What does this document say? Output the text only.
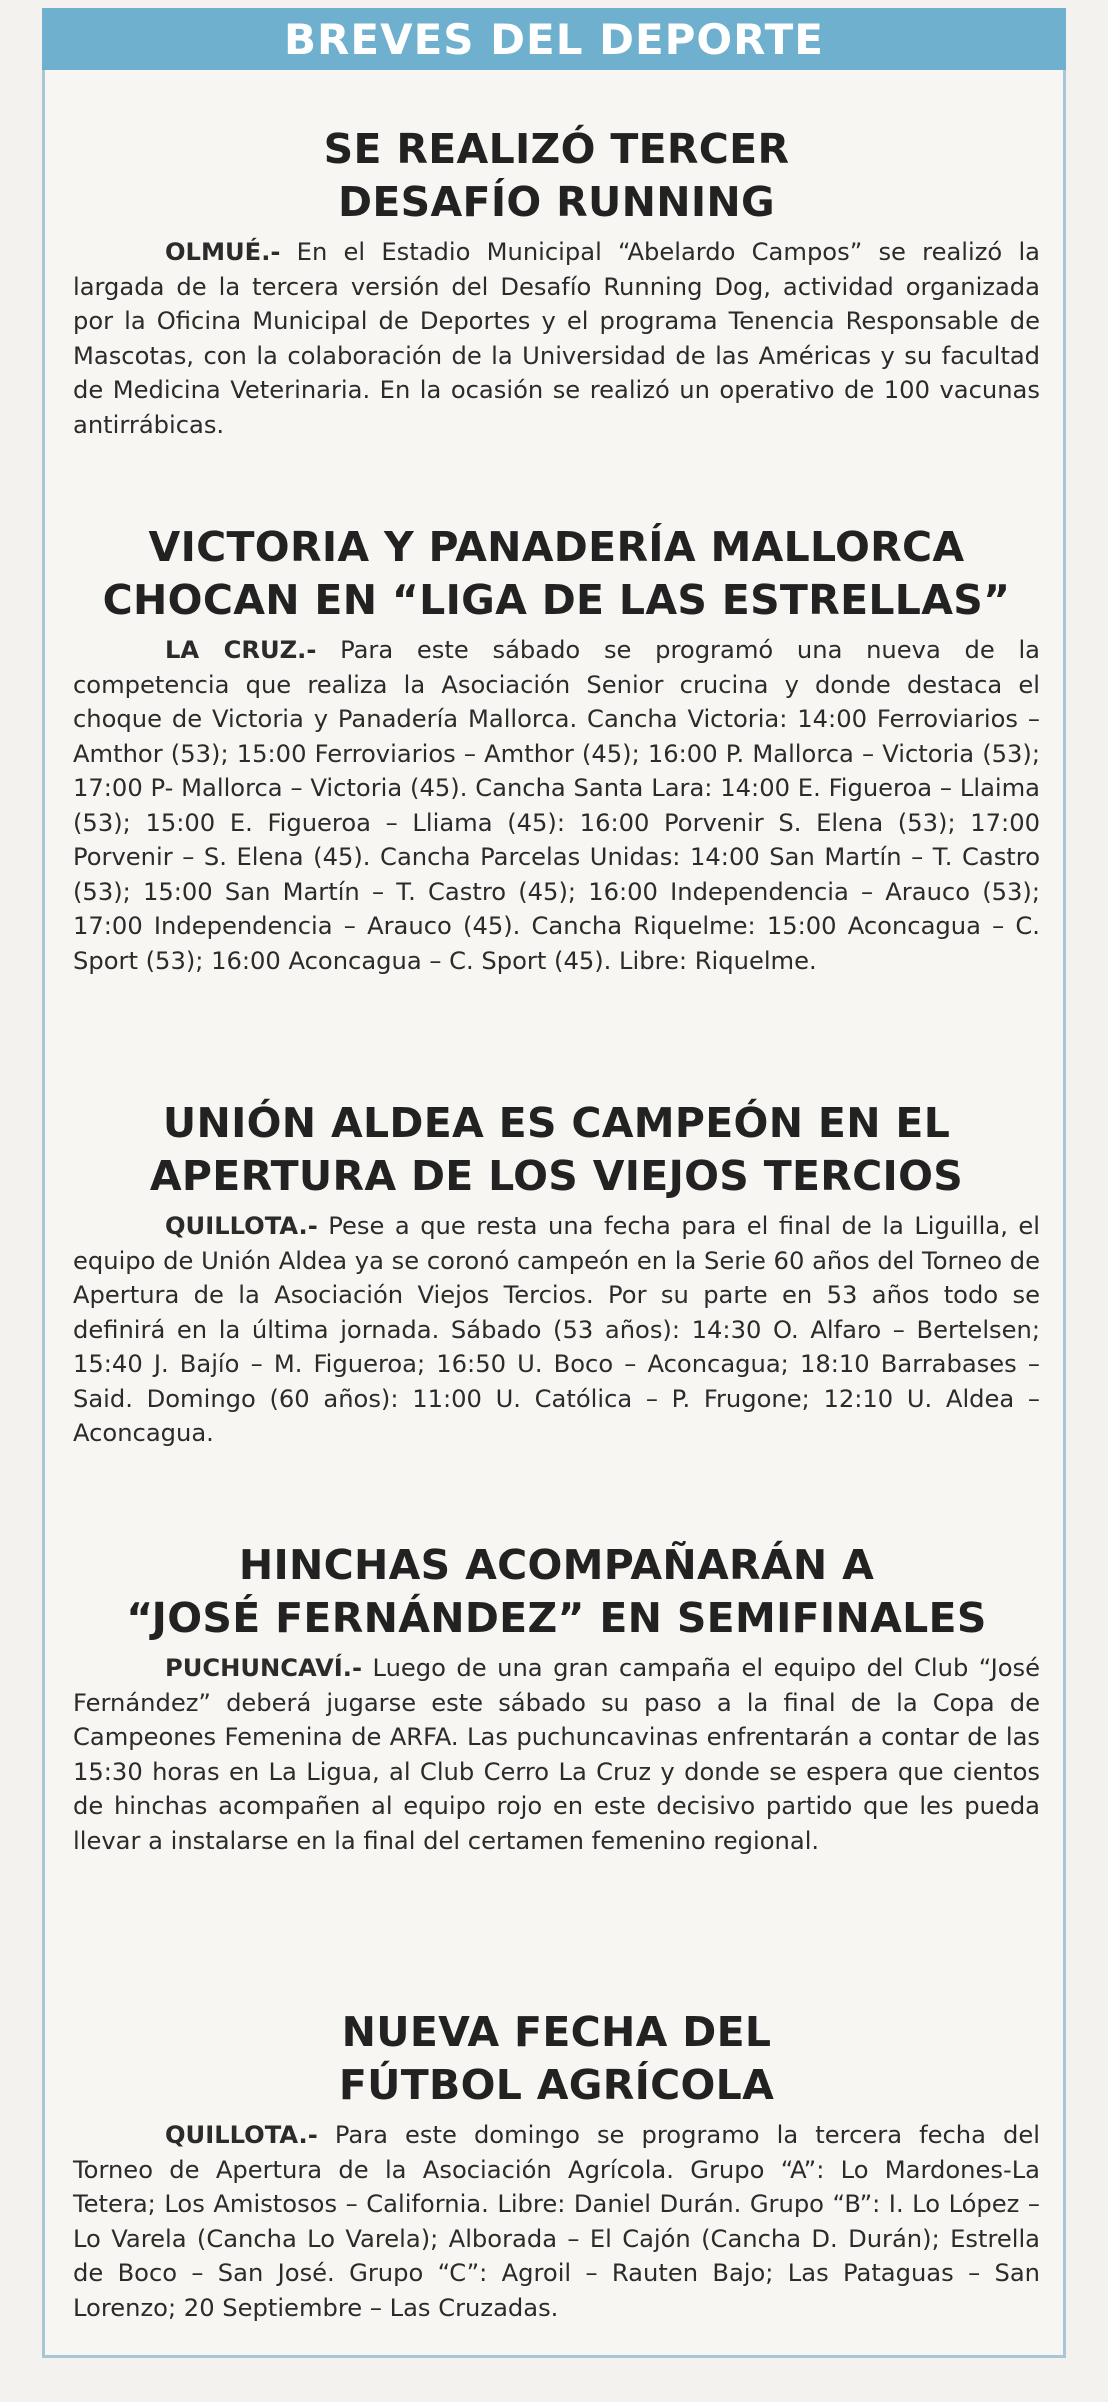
BREVES DEL DEPORTE
SE REALIZÓ TERCER
DESAFÍO RUNNING

OLMUÉ.- En el Estadio Municipal “Abelardo Campos” se realizó la largada de la tercera versión del Desafío Running Dog, actividad organizada por la Oficina Municipal de Deportes y el programa Tenencia Responsable de Mascotas, con la colaboración de la Universidad de las Américas y su facultad de Medicina Veterinaria. En la ocasión se realizó un operativo de 100 vacunas antirrábicas.

VICTORIA Y PANADERÍA MALLORCA
CHOCAN EN “LIGA DE LAS ESTRELLAS”

LA CRUZ.- Para este sábado se programó una nueva de la competencia que realiza la Asociación Senior crucina y donde destaca el choque de Victoria y Panadería Mallorca. Cancha Victoria: 14:00 Ferroviarios – Amthor (53); 15:00 Ferroviarios – Amthor (45); 16:00 P. Mallorca – Victoria (53); 17:00 P- Mallorca – Victoria (45). Cancha Santa Lara: 14:00 E. Figueroa – Llaima (53); 15:00 E. Figueroa – Lliama (45): 16:00 Porvenir S. Elena (53); 17:00 Porvenir – S. Elena (45). Cancha Parcelas Unidas: 14:00 San Martín – T. Castro (53); 15:00 San Martín – T. Castro (45); 16:00 Independencia – Arauco (53); 17:00 Independencia – Arauco (45). Cancha Riquelme: 15:00 Aconcagua – C. Sport (53); 16:00 Aconcagua – C. Sport (45). Libre: Riquelme.

UNIÓN ALDEA ES CAMPEÓN EN EL
APERTURA DE LOS VIEJOS TERCIOS

QUILLOTA.- Pese a que resta una fecha para el final de la Liguilla, el equipo de Unión Aldea ya se coronó campeón en la Serie 60 años del Torneo de Apertura de la Asociación Viejos Tercios. Por su parte en 53 años todo se definirá en la última jornada. Sábado (53 años): 14:30 O. Alfaro – Bertelsen; 15:40 J. Bajío – M. Figueroa; 16:50 U. Boco – Aconcagua; 18:10 Barrabases – Said. Domingo (60 años): 11:00 U. Católica – P. Frugone; 12:10 U. Aldea – Aconcagua.

HINCHAS ACOMPAÑARÁN A
“JOSÉ FERNÁNDEZ” EN SEMIFINALES

PUCHUNCAVÍ.- Luego de una gran campaña el equipo del Club “José Fernández” deberá jugarse este sábado su paso a la final de la Copa de Campeones Femenina de ARFA. Las puchuncavinas enfrentarán a contar de las 15:30 horas en La Ligua, al Club Cerro La Cruz y donde se espera que cientos de hinchas acompañen al equipo rojo en este decisivo partido que les pueda llevar a instalarse en la final del certamen femenino regional.

NUEVA FECHA DEL
FÚTBOL AGRÍCOLA

QUILLOTA.- Para este domingo se programo la tercera fecha del Torneo de Apertura de la Asociación Agrícola. Grupo “A”: Lo Mardones-La Tetera; Los Amistosos – California. Libre: Daniel Durán. Grupo “B”: I. Lo López – Lo Varela (Cancha Lo Varela); Alborada – El Cajón (Cancha D. Durán); Estrella de Boco – San José. Grupo “C”: Agroil – Rauten Bajo; Las Pataguas – San Lorenzo; 20 Septiembre – Las Cruzadas.
